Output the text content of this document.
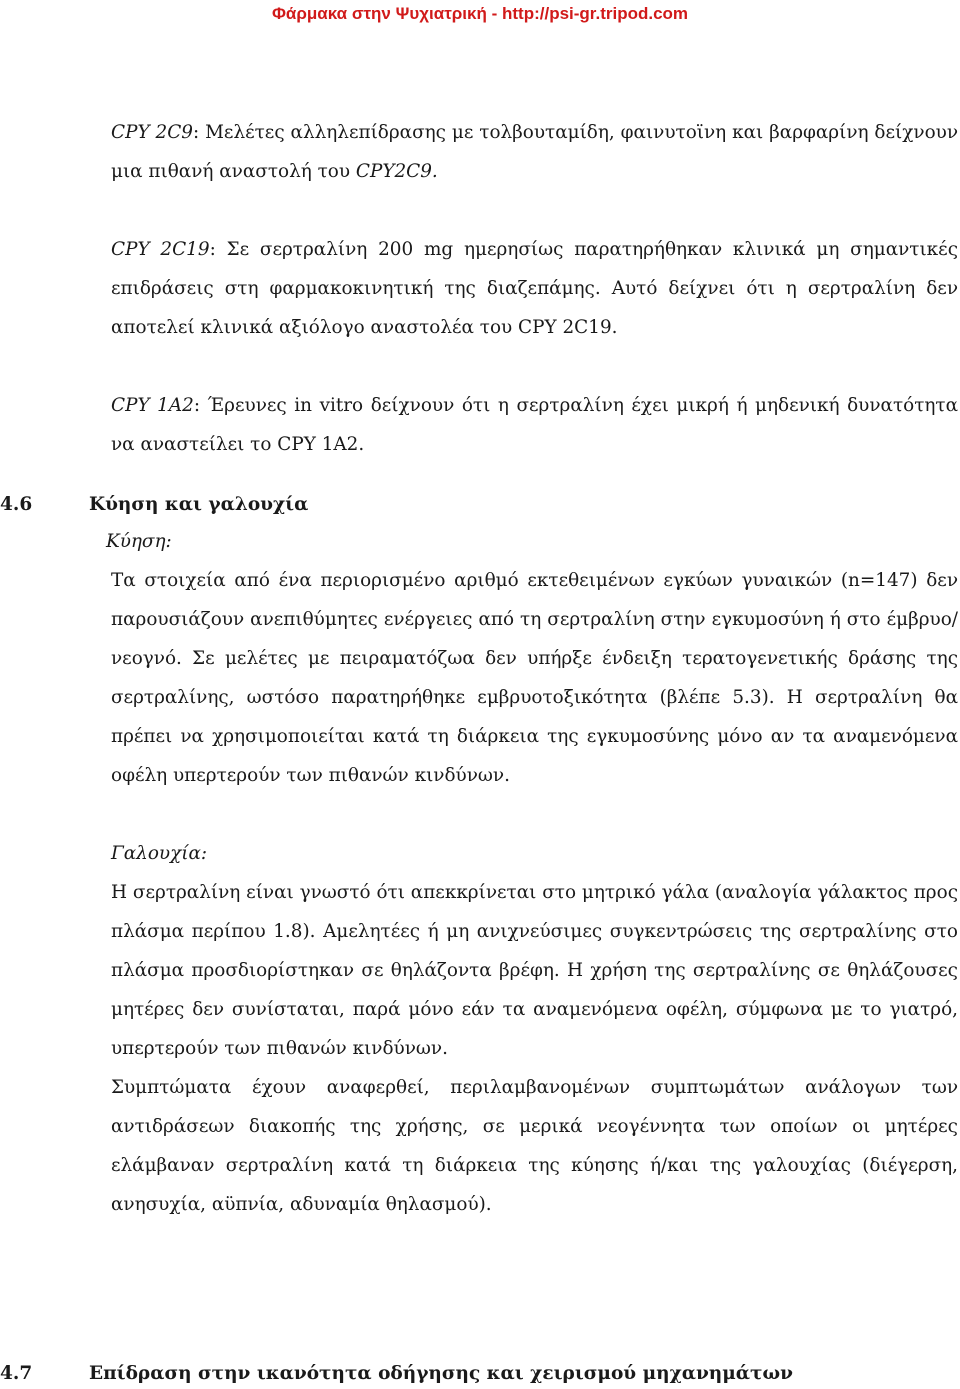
Φάρμακα στην Ψυχιατρική - http://psi-gr.tripod.com

CPY 2C9: Μελέτες αλληλεπίδρασης με τολβουταμίδη, φαινυτοϊνη και βαρφαρίνη δείχνουν μια πιθανή αναστολή του CPY2C9.

CPY 2C19: Σε σερτραλίνη 200 mg ημερησίως παρατηρήθηκαν κλινικά μη σημαντικές επιδράσεις στη φαρμακοκινητική της διαζεπάμης. Αυτό δείχνει ότι η σερτραλίνη δεν αποτελεί κλινικά αξιόλογο αναστολέα του CPY 2C19.

CPY 1A2: Έρευνες in vitro δείχνουν ότι η σερτραλίνη έχει μικρή ή μηδενική δυνατότητα να αναστείλει το CPY 1A2.

4.6	Κύηση και γαλουχία

Κύηση:

Τα στοιχεία από ένα περιορισμένο αριθμό εκτεθειμένων εγκύων γυναικών (n=147) δεν παρουσιάζουν ανεπιθύμητες ενέργειες από τη σερτραλίνη στην εγκυμοσύνη ή στο έμβρυο/νεογνό. Σε μελέτες με πειραματόζωα δεν υπήρξε ένδειξη τερατογενετικής δράσης της σερτραλίνης, ωστόσο παρατηρήθηκε εμβρυοτοξικότητα (βλέπε 5.3). Η σερτραλίνη θα πρέπει να χρησιμοποιείται κατά τη διάρκεια της εγκυμοσύνης μόνο αν τα αναμενόμενα οφέλη υπερτερούν των πιθανών κινδύνων.

Γαλουχία:

Η σερτραλίνη είναι γνωστό ότι απεκκρίνεται στο μητρικό γάλα (αναλογία γάλακτος προς πλάσμα περίπου 1.8). Αμελητέες ή μη ανιχνεύσιμες συγκεντρώσεις της σερτραλίνης στο πλάσμα προσδιορίστηκαν σε θηλάζοντα βρέφη. Η χρήση της σερτραλίνης σε θηλάζουσες μητέρες δεν συνίσταται, παρά μόνο εάν τα αναμενόμενα οφέλη, σύμφωνα με το γιατρό, υπερτερούν των πιθανών κινδύνων.

Συμπτώματα έχουν αναφερθεί, περιλαμβανομένων συμπτωμάτων ανάλογων των αντιδράσεων διακοπής της χρήσης, σε μερικά νεογέννητα των οποίων οι μητέρες ελάμβαναν σερτραλίνη κατά τη διάρκεια της κύησης ή/και της γαλουχίας (διέγερση, ανησυχία, αϋπνία, αδυναμία θηλασμού).

4.7	Επίδραση στην ικανότητα οδήγησης και χειρισμού μηχανημάτων
